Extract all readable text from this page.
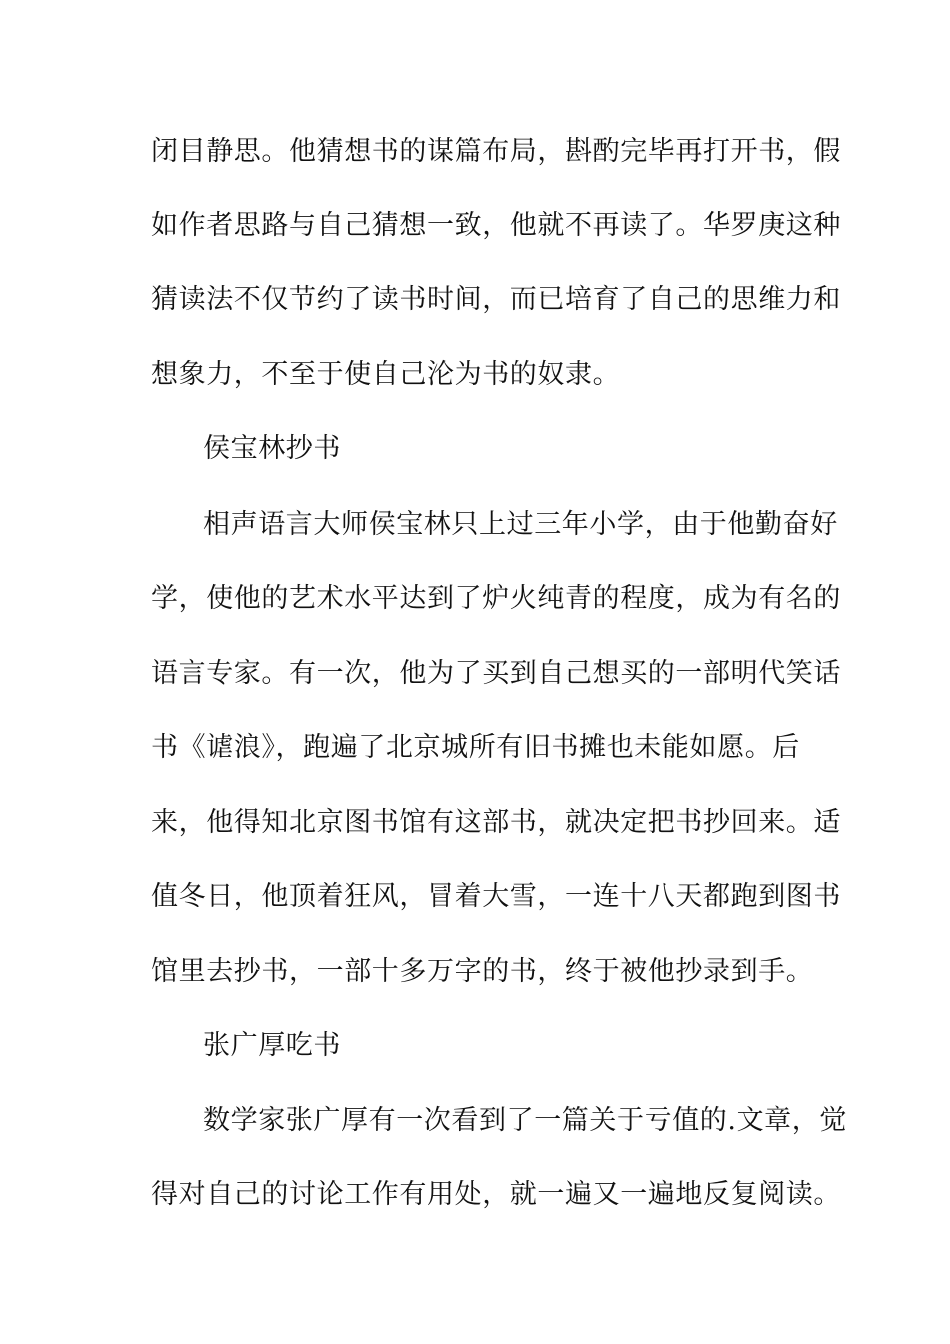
闭目静思。他猜想书的谋篇布局，斟酌完毕再打开书，假
如作者思路与自己猜想一致，他就不再读了。华罗庚这种
猜读法不仅节约了读书时间，而已培育了自己的思维力和
想象力，不至于使自己沦为书的奴隶。
侯宝林抄书
相声语言大师侯宝林只上过三年小学，由于他勤奋好
学，使他的艺术水平达到了炉火纯青的程度，成为有名的
语言专家。有一次，他为了买到自己想买的一部明代笑话
书《谑浪》，跑遍了北京城所有旧书摊也未能如愿。后
来，他得知北京图书馆有这部书，就决定把书抄回来。适
值冬日，他顶着狂风，冒着大雪，一连十八天都跑到图书
馆里去抄书，一部十多万字的书，终于被他抄录到手。
张广厚吃书
数学家张广厚有一次看到了一篇关于亏值的.文章，觉
得对自己的讨论工作有用处，就一遍又一遍地反复阅读。
